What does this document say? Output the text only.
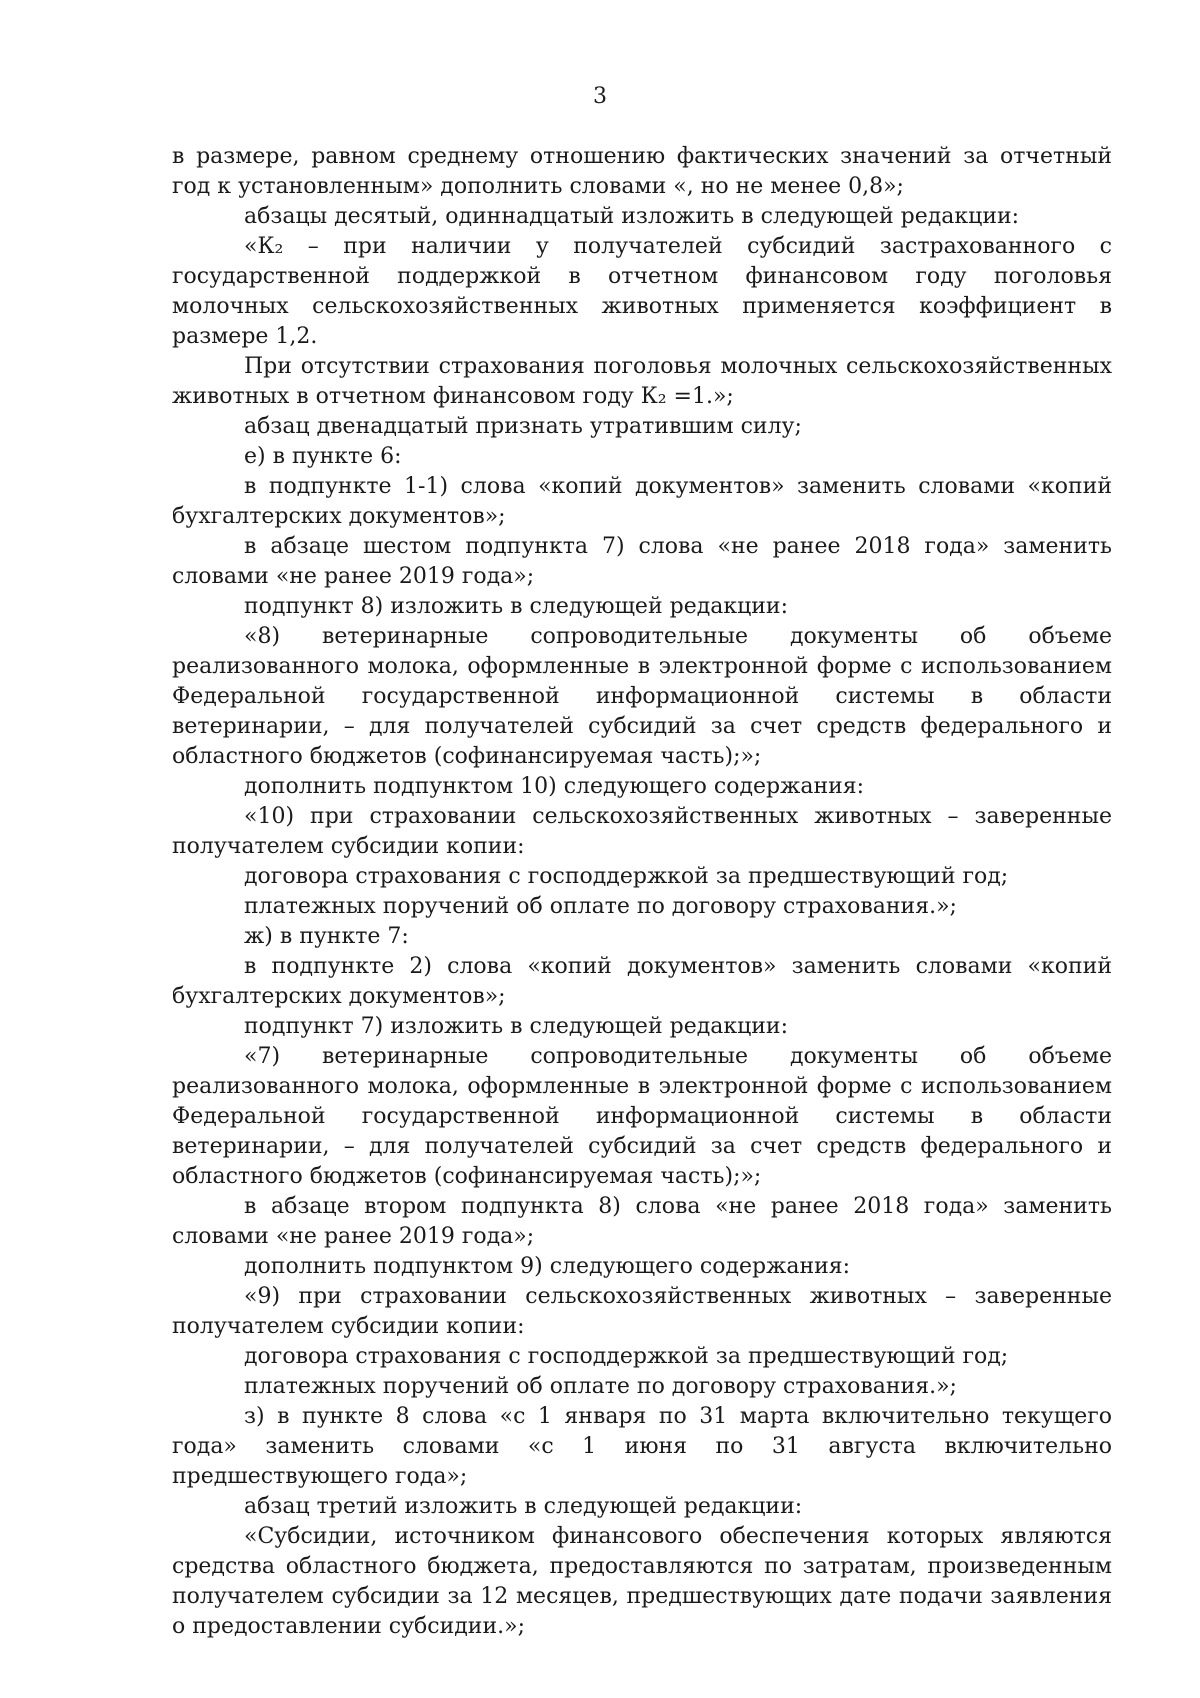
3

в размере, равном среднему отношению фактических значений за отчетный год к установленным» дополнить словами «, но не менее 0,8»;

абзацы десятый, одиннадцатый изложить в следующей редакции:

«К₂ – при наличии у получателей субсидий застрахованного с государственной поддержкой в отчетном финансовом году поголовья молочных сельскохозяйственных животных применяется коэффициент в размере 1,2.

При отсутствии страхования поголовья молочных сельскохозяйственных животных в отчетном финансовом году К₂ =1.»;

абзац двенадцатый признать утратившим силу;

е) в пункте 6:

в подпункте 1-1) слова «копий документов» заменить словами «копий бухгалтерских документов»;

в абзаце шестом подпункта 7) слова «не ранее 2018 года» заменить словами «не ранее 2019 года»;

подпункт 8) изложить в следующей редакции:

«8) ветеринарные сопроводительные документы об объеме реализованного молока, оформленные в электронной форме с использованием Федеральной государственной информационной системы в области ветеринарии, – для получателей субсидий за счет средств федерального и областного бюджетов (софинансируемая часть);»;

дополнить подпунктом 10) следующего содержания:

«10) при страховании сельскохозяйственных животных – заверенные получателем субсидии копии:

договора страхования с господдержкой за предшествующий год;

платежных поручений об оплате по договору страхования.»;

ж) в пункте 7:

в подпункте 2) слова «копий документов» заменить словами «копий бухгалтерских документов»;

подпункт 7) изложить в следующей редакции:

«7) ветеринарные сопроводительные документы об объеме реализованного молока, оформленные в электронной форме с использованием Федеральной государственной информационной системы в области ветеринарии, – для получателей субсидий за счет средств федерального и областного бюджетов (софинансируемая часть);»;

в абзаце втором подпункта 8) слова «не ранее 2018 года» заменить словами «не ранее 2019 года»;

дополнить подпунктом 9) следующего содержания:

«9) при страховании сельскохозяйственных животных – заверенные получателем субсидии копии:

договора страхования с господдержкой за предшествующий год;

платежных поручений об оплате по договору страхования.»;

з) в пункте 8 слова «с 1 января по 31 марта включительно текущего года» заменить словами «с 1 июня по 31 августа включительно предшествующего года»;

абзац третий изложить в следующей редакции:

«Субсидии, источником финансового обеспечения которых являются средства областного бюджета, предоставляются по затратам, произведенным получателем субсидии за 12 месяцев, предшествующих дате подачи заявления о предоставлении субсидии.»;
